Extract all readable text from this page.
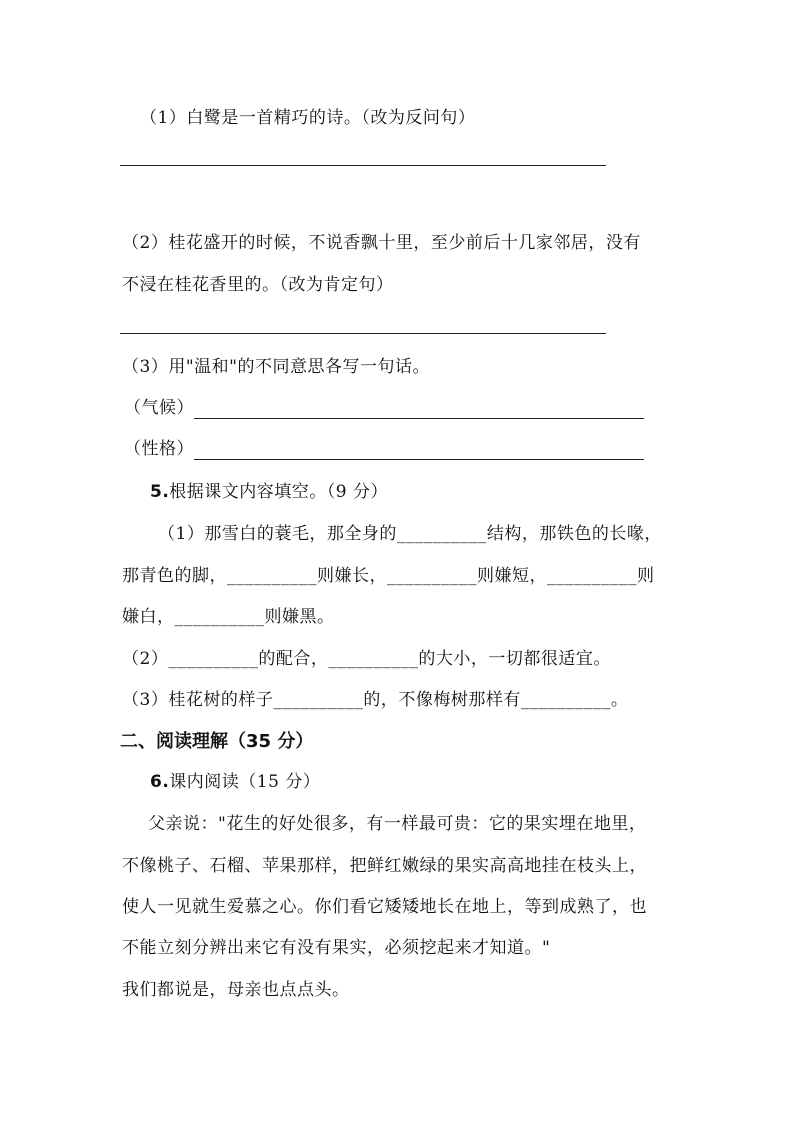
（1）白鹭是一首精巧的诗。（改为反问句）
（2）桂花盛开的时候，不说香飘十里，至少前后十几家邻居，没有
不浸在桂花香里的。（改为肯定句）
（3）用"温和"的不同意思各写一句话。
（气候）
（性格）
5.根据课文内容填空。（9 分）
（1）那雪白的蓑毛，那全身的__________结构，那铁色的长喙，
那青色的脚，__________则嫌长，__________则嫌短，__________则
嫌白，__________则嫌黑。
（2）__________的配合，__________的大小，一切都很适宜。
（3）桂花树的样子__________的，不像梅树那样有__________。
二、阅读理解（35 分）
6.课内阅读（15 分）
父亲说："花生的好处很多，有一样最可贵：它的果实埋在地里，
不像桃子、石榴、苹果那样，把鲜红嫩绿的果实高高地挂在枝头上，
使人一见就生爱慕之心。你们看它矮矮地长在地上，等到成熟了，也
不能立刻分辨出来它有没有果实，必须挖起来才知道。"
我们都说是，母亲也点点头。
